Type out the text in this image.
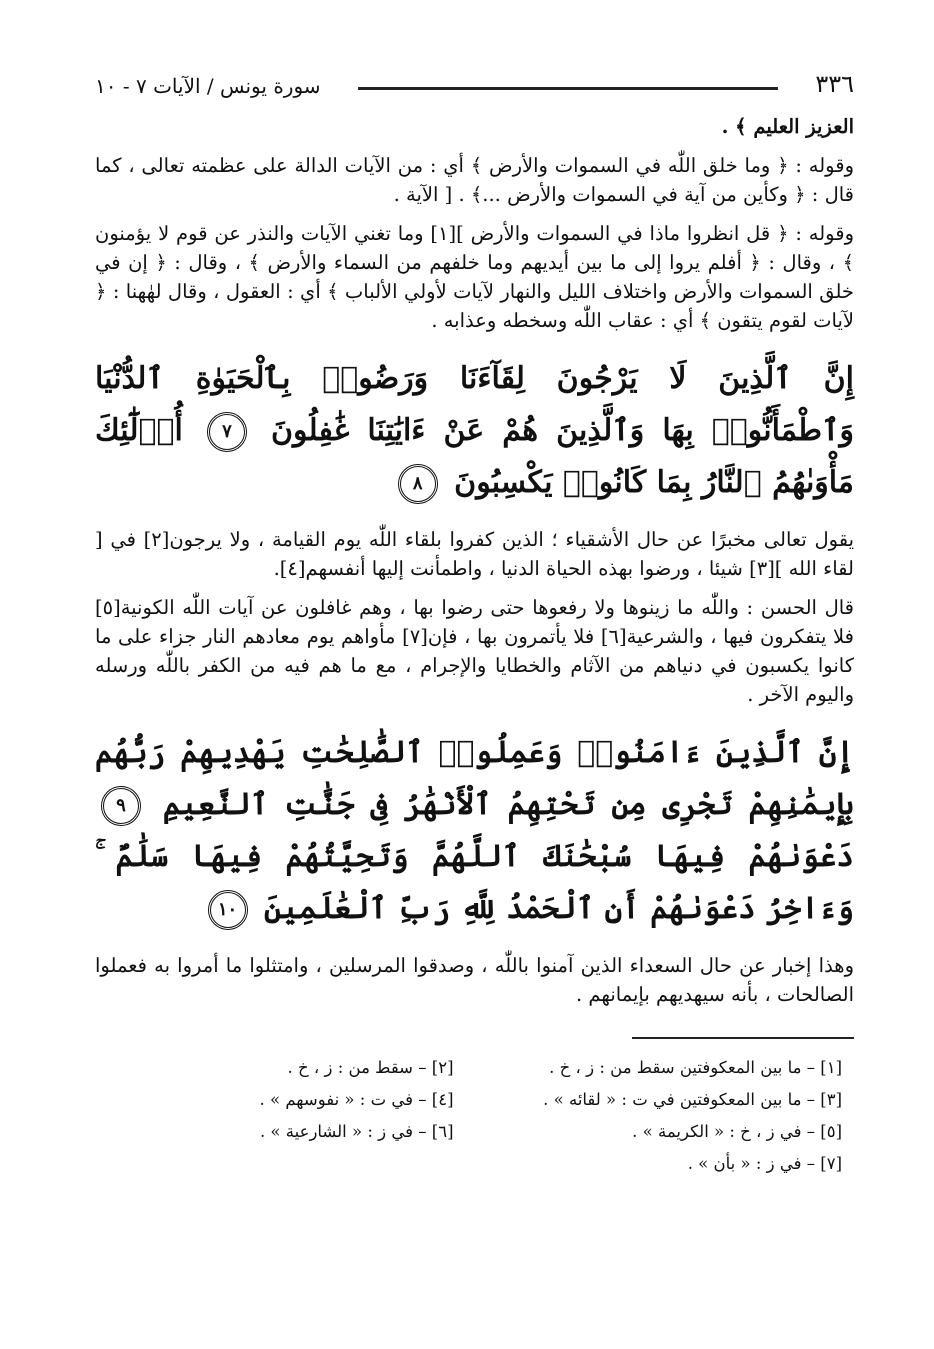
٣٣٦
سورة يونس / الآيات ٧ - ١٠

العزيز العليم ﴾ .

وقوله : ﴿ وما خلق اللّٰه في السموات والأرض ﴾ أي : من الآيات الدالة على عظمته تعالى ، كما قال : ﴿ وكأين من آية في السموات والأرض ...﴾ . [ الآية .

وقوله : ﴿ قل انظروا ماذا في السموات والأرض ][١] وما تغني الآيات والنذر عن قوم لا يؤمنون ﴾ ، وقال : ﴿ أفلم يروا إلى ما بين أيديهم وما خلفهم من السماء والأرض ﴾ ، وقال : ﴿ إن في خلق السموات والأرض واختلاف الليل والنهار لآيات لأولي الألباب ﴾ أي : العقول ، وقال لهٰهنا : ﴿ لآيات لقوم يتقون ﴾ أي : عقاب اللّٰه وسخطه وعذابه .

إِنَّ ٱلَّذِينَ لَا يَرْجُونَ لِقَآءَنَا وَرَضُوا۟ بِٱلْحَيَوٰةِ ٱلدُّنْيَا وَٱطْمَأَنُّوا۟ بِهَا وَٱلَّذِينَ هُمْ عَنْ ءَايَٰتِنَا غَٰفِلُونَ ٧ أُو۟لَٰٓئِكَ مَأْوَىٰهُمُ ٱلنَّارُ بِمَا كَانُوا۟ يَكْسِبُونَ ٨

يقول تعالى مخبرًا عن حال الأشقياء ؛ الذين كفروا بلقاء اللّٰه يوم القيامة ، ولا يرجون[٢] في [ لقاء الله ][٣] شيئا ، ورضوا بهذه الحياة الدنيا ، واطمأنت إليها أنفسهم[٤].

قال الحسن : واللّٰه ما زينوها ولا رفعوها حتى رضوا بها ، وهم غافلون عن آيات اللّٰه الكونية[٥] فلا يتفكرون فيها ، والشرعية[٦] فلا يأتمرون بها ، فإن[٧] مأواهم يوم معادهم النار جزاء على ما كانوا يكسبون في دنياهم من الآثام والخطايا والإجرام ، مع ما هم فيه من الكفر باللّٰه ورسله واليوم الآخر .

إِنَّ ٱلَّذِينَ ءَامَنُوا۟ وَعَمِلُوا۟ ٱلصَّٰلِحَٰتِ يَهْدِيهِمْ رَبُّهُم بِإِيمَٰنِهِمْ تَجْرِى مِن تَحْتِهِمُ ٱلْأَنْهَٰرُ فِى جَنَّٰتِ ٱلنَّعِيمِ ٩ دَعْوَىٰهُمْ فِيهَا سُبْحَٰنَكَ ٱللَّهُمَّ وَتَحِيَّتُهُمْ فِيهَا سَلَٰمٌ ۚ وَءَاخِرُ دَعْوَىٰهُمْ أَنِ ٱلْحَمْدُ لِلَّهِ رَبِّ ٱلْعَٰلَمِينَ ١٠

وهذا إخبار عن حال السعداء الذين آمنوا باللّٰه ، وصدقوا المرسلين ، وامتثلوا ما أمروا به فعملوا الصالحات ، بأنه سيهديهم بإيمانهم .

[١] – ما بين المعكوفتين سقط من : ز ، خ .
[٢] – سقط من : ز ، خ .
[٣] – ما بين المعكوفتين في ت : « لقائه » .
[٤] – في ت : « نفوسهم » .
[٥] – في ز ، خ : « الكريمة » .
[٦] – في ز : « الشارعية » .
[٧] – في ز : « بأن » .
